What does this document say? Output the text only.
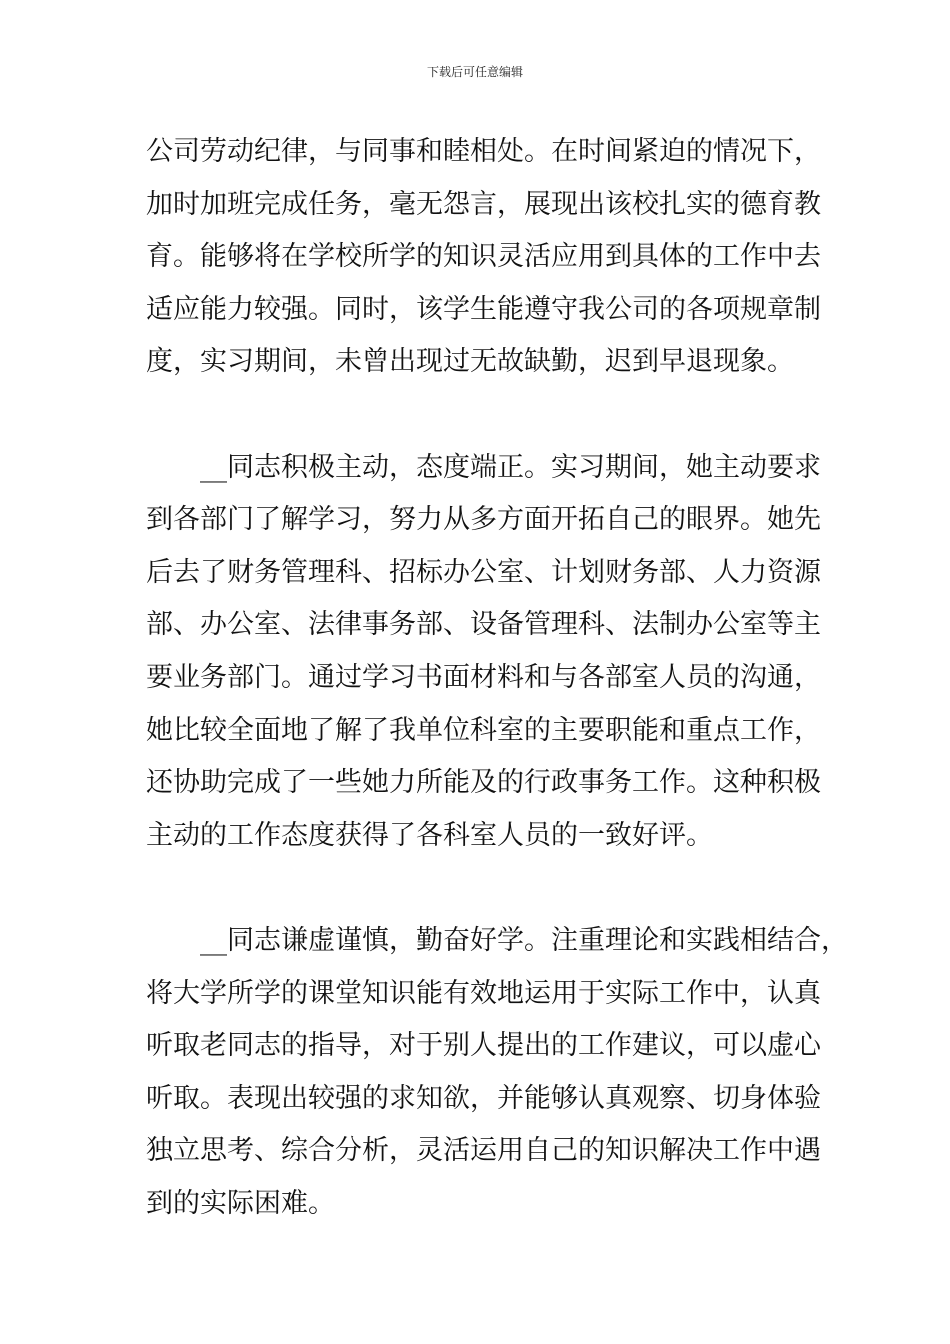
下载后可任意编辑
公司劳动纪律，与同事和睦相处。在时间紧迫的情况下，
加时加班完成任务，毫无怨言，展现出该校扎实的德育教
育。能够将在学校所学的知识灵活应用到具体的工作中去
适应能力较强。同时，该学生能遵守我公司的各项规章制
度，实习期间，未曾出现过无故缺勤，迟到早退现象。
__同志积极主动，态度端正。实习期间，她主动要求
到各部门了解学习，努力从多方面开拓自己的眼界。她先
后去了财务管理科、招标办公室、计划财务部、人力资源
部、办公室、法律事务部、设备管理科、法制办公室等主
要业务部门。通过学习书面材料和与各部室人员的沟通，
她比较全面地了解了我单位科室的主要职能和重点工作，
还协助完成了一些她力所能及的行政事务工作。这种积极
主动的工作态度获得了各科室人员的一致好评。
__同志谦虚谨慎，勤奋好学。注重理论和实践相结合，
将大学所学的课堂知识能有效地运用于实际工作中，认真
听取老同志的指导，对于别人提出的工作建议，可以虚心
听取。表现出较强的求知欲，并能够认真观察、切身体验
独立思考、综合分析，灵活运用自己的知识解决工作中遇
到的实际困难。
